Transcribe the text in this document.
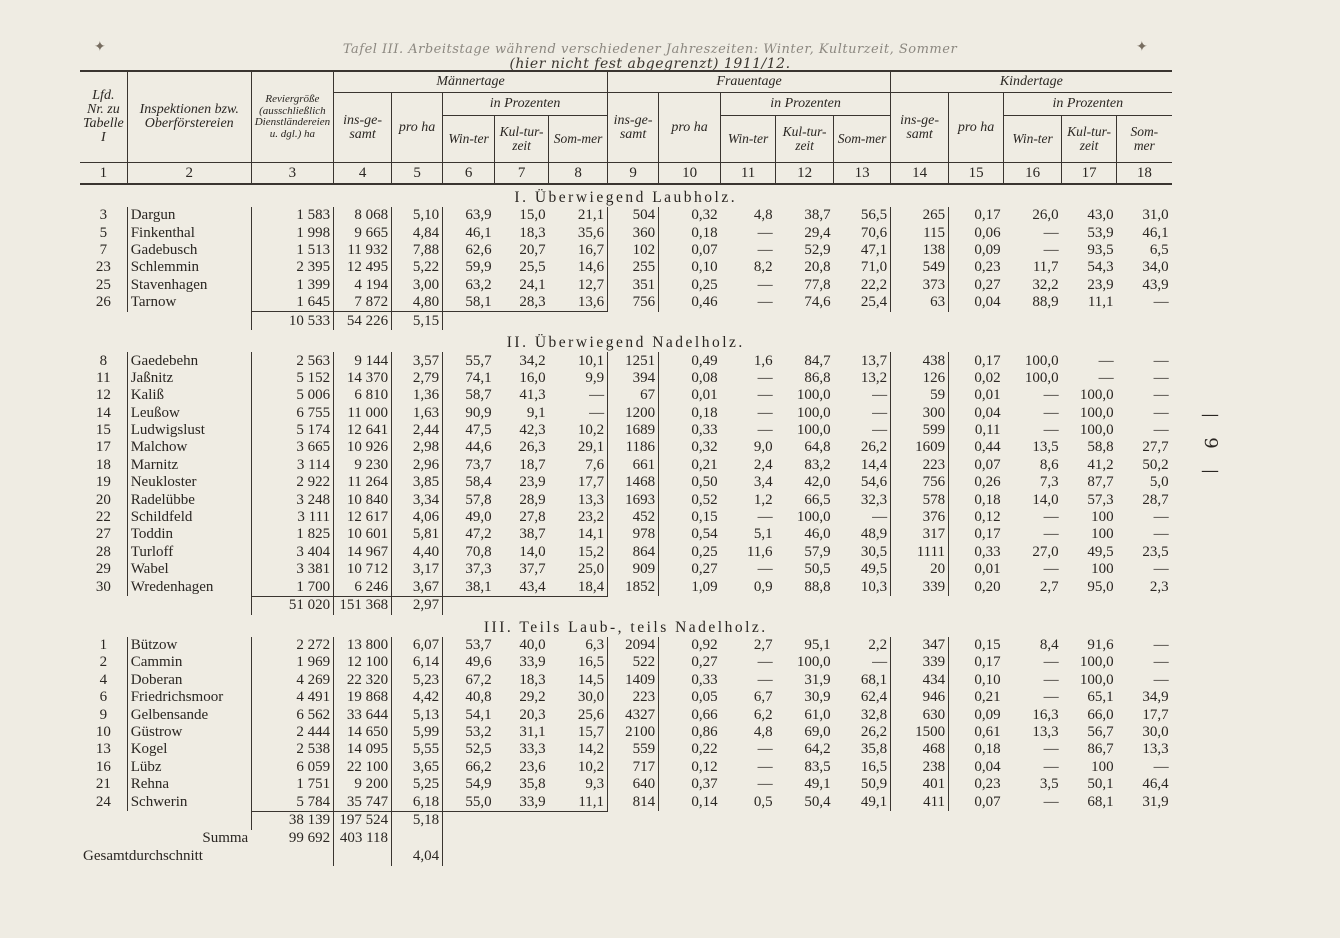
✦	✦
Tafel III. Arbeitstage während verschiedener Jahreszeiten: Winter, Kulturzeit, Sommer
(hier nicht fest abgegrenzt) 1911/12.
Lfd. Nr. zu Tabelle I	Inspektionen bzw. Oberförstereien	Reviergröße (ausschließlich Dienstländereien u. dgl.) ha	Männertage					Frauentage					Kindertage				
			ins-ge-samt	pro ha	in Prozenten			ins-ge-samt	pro ha	in Prozenten			ins-ge-samt	pro ha	in Prozenten		
					Win-ter	Kul-tur-zeit	Som-mer			Win-ter	Kul-tur-zeit	Som-mer			Win-ter	Kul-tur-zeit	Som-mer
1	2	3	4	5	6	7	8	9	10	11	12	13	14	15	16	17	18
I. Überwiegend Laubholz.																	
3	Dargun	1 583	8 068	5,10	63,9	15,0	21,1	504	0,32	4,8	38,7	56,5	265	0,17	26,0	43,0	31,0
5	Finkenthal	1 998	9 665	4,84	46,1	18,3	35,6	360	0,18	—	29,4	70,6	115	0,06	—	53,9	46,1
7	Gadebusch	1 513	11 932	7,88	62,6	20,7	16,7	102	0,07	—	52,9	47,1	138	0,09	—	93,5	6,5
23	Schlemmin	2 395	12 495	5,22	59,9	25,5	14,6	255	0,10	8,2	20,8	71,0	549	0,23	11,7	54,3	34,0
25	Stavenhagen	1 399	4 194	3,00	63,2	24,1	12,7	351	0,25	—	77,8	22,2	373	0,27	32,2	23,9	43,9
26	Tarnow	1 645	7 872	4,80	58,1	28,3	13,6	756	0,46	—	74,6	25,4	63	0,04	88,9	11,1	—
		10 533	54 226	5,15													
II. Überwiegend Nadelholz.																	
8	Gaedebehn	2 563	9 144	3,57	55,7	34,2	10,1	1251	0,49	1,6	84,7	13,7	438	0,17	100,0	—	—
11	Jaßnitz	5 152	14 370	2,79	74,1	16,0	9,9	394	0,08	—	86,8	13,2	126	0,02	100,0	—	—
12	Kaliß	5 006	6 810	1,36	58,7	41,3	—	67	0,01	—	100,0	—	59	0,01	—	100,0	—
14	Leußow	6 755	11 000	1,63	90,9	9,1	—	1200	0,18	—	100,0	—	300	0,04	—	100,0	—
15	Ludwigslust	5 174	12 641	2,44	47,5	42,3	10,2	1689	0,33	—	100,0	—	599	0,11	—	100,0	—
17	Malchow	3 665	10 926	2,98	44,6	26,3	29,1	1186	0,32	9,0	64,8	26,2	1609	0,44	13,5	58,8	27,7
18	Marnitz	3 114	9 230	2,96	73,7	18,7	7,6	661	0,21	2,4	83,2	14,4	223	0,07	8,6	41,2	50,2
19	Neukloster	2 922	11 264	3,85	58,4	23,9	17,7	1468	0,50	3,4	42,0	54,6	756	0,26	7,3	87,7	5,0
20	Radelübbe	3 248	10 840	3,34	57,8	28,9	13,3	1693	0,52	1,2	66,5	32,3	578	0,18	14,0	57,3	28,7
22	Schildfeld	3 111	12 617	4,06	49,0	27,8	23,2	452	0,15	—	100,0	—	376	0,12	—	100	—
27	Toddin	1 825	10 601	5,81	47,2	38,7	14,1	978	0,54	5,1	46,0	48,9	317	0,17	—	100	—
28	Turloff	3 404	14 967	4,40	70,8	14,0	15,2	864	0,25	11,6	57,9	30,5	1111	0,33	27,0	49,5	23,5
29	Wabel	3 381	10 712	3,17	37,3	37,7	25,0	909	0,27	—	50,5	49,5	20	0,01	—	100	—
30	Wredenhagen	1 700	6 246	3,67	38,1	43,4	18,4	1852	1,09	0,9	88,8	10,3	339	0,20	2,7	95,0	2,3
		51 020	151 368	2,97													
III. Teils Laub-, teils Nadelholz.																	
1	Bützow	2 272	13 800	6,07	53,7	40,0	6,3	2094	0,92	2,7	95,1	2,2	347	0,15	8,4	91,6	—
2	Cammin	1 969	12 100	6,14	49,6	33,9	16,5	522	0,27	—	100,0	—	339	0,17	—	100,0	—
4	Doberan	4 269	22 320	5,23	67,2	18,3	14,5	1409	0,33	—	31,9	68,1	434	0,10	—	100,0	—
6	Friedrichsmoor	4 491	19 868	4,42	40,8	29,2	30,0	223	0,05	6,7	30,9	62,4	946	0,21	—	65,1	34,9
9	Gelbensande	6 562	33 644	5,13	54,1	20,3	25,6	4327	0,66	6,2	61,0	32,8	630	0,09	16,3	66,0	17,7
10	Güstrow	2 444	14 650	5,99	53,2	31,1	15,7	2100	0,86	4,8	69,0	26,2	1500	0,61	13,3	56,7	30,0
13	Kogel	2 538	14 095	5,55	52,5	33,3	14,2	559	0,22	—	64,2	35,8	468	0,18	—	86,7	13,3
16	Lübz	6 059	22 100	3,65	66,2	23,6	10,2	717	0,12	—	83,5	16,5	238	0,04	—	100	—
21	Rehna	1 751	9 200	5,25	54,9	35,8	9,3	640	0,37	—	49,1	50,9	401	0,23	3,5	50,1	46,4
24	Schwerin	5 784	35 747	6,18	55,0	33,9	11,1	814	0,14	0,5	50,4	49,1	411	0,07	—	68,1	31,9
		38 139	197 524	5,18													
	Summa	99 692	403 118														
Gesamtdurchschnitt				4,04													
—
9
—
